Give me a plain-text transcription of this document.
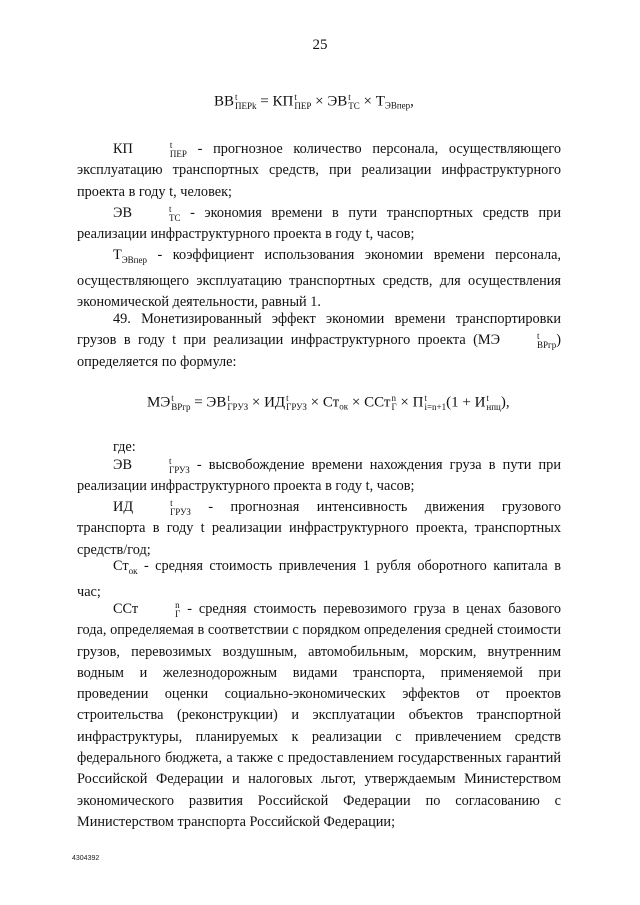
25
ВВ t
ПЕРk = КП t
ПЕР × ЭВ t
ТС × $Т_{ЭВпер}$,
КП	t
ПЕР - прогнозное количество персонала, осуществляющего эксплуатацию транспортных средств, при реализации инфраструктурного проекта в году t, человек;
ЭВ	t
ТС - экономия времени в пути транспортных средств при реализации инфраструктурного проекта в году t, часов;
$Т_{ЭВпер}$ - коэффициент использования экономии времени персонала, осуществляющего эксплуатацию транспортных средств, для осуществления экономической деятельности, равный 1.
49. Монетизированный эффект экономии времени транспортировки грузов в году t при реализации инфраструктурного проекта (МЭ	t
ВРгр ) определяется по формуле:
МЭ t
ВРгр = ЭВ t
ГРУЗ × ИД t
ГРУЗ × $Ст_{ок}$ × ССт n
Г × П t
i=n+1 (1 + И t
нпц ),
где:
ЭВ	t
ГРУЗ - высвобождение времени нахождения груза в пути при реализации инфраструктурного проекта в году t, часов;
ИД	t
ГРУЗ - прогнозная интенсивность движения грузового транспорта в году t реализации инфраструктурного проекта, транспортных средств/год;
$Ст_{ок}$ - средняя стоимость привлечения 1 рубля оборотного капитала в час;
ССт	n
Г - средняя стоимость перевозимого груза в ценах базового года, определяемая в соответствии с порядком определения средней стоимости грузов, перевозимых воздушным, автомобильным, морским, внутренним водным и железнодорожным видами транспорта, применяемой при проведении оценки социально-экономических эффектов от проектов строительства (реконструкции) и эксплуатации объектов транспортной инфраструктуры, планируемых к реализации с привлечением средств федерального бюджета, а также с предоставлением государственных гарантий Российской Федерации и налоговых льгот, утверждаемым Министерством экономического развития Российской Федерации по согласованию с Министерством транспорта Российской Федерации;
4304392
